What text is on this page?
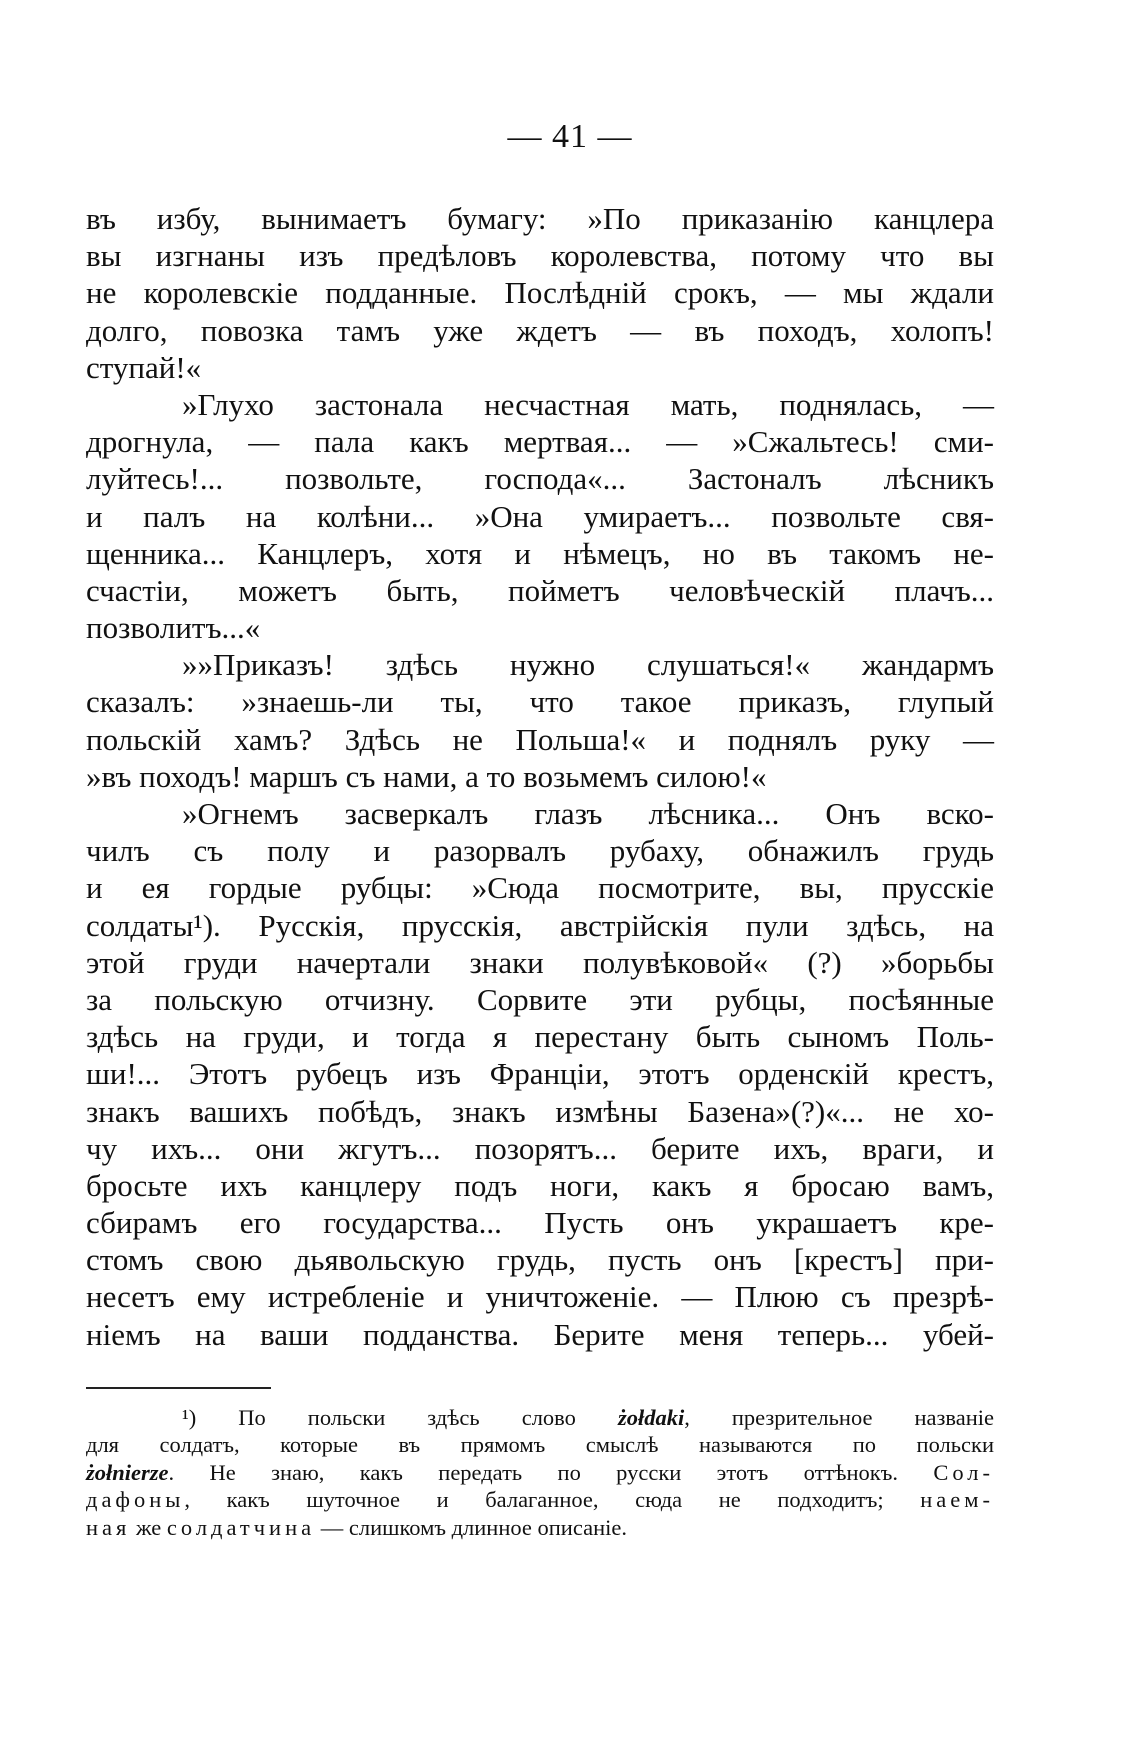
— 41 —
въ избу, вынимаетъ бумагу: »По приказанію канцлера
вы изгнаны изъ предѣловъ королевства, потому что вы
не королевскіе подданные. Послѣдній срокъ, — мы ждали
долго, повозка тамъ уже ждетъ — въ походъ, холопъ!
ступай!«
»Глухо застонала несчастная мать, поднялась, —
дрогнула, — пала какъ мертвая... — »Сжальтесь! сми-
луйтесь!... позвольте, господа«... Застоналъ лѣсникъ
и палъ на колѣни... »Она умираетъ... позвольте свя-
щенника... Канцлеръ, хотя и нѣмецъ, но въ такомъ не-
счастіи, можетъ быть, пойметъ человѣческій плачъ...
позволитъ...«
»»Приказъ! здѣсь нужно слушаться!« жандармъ
сказалъ: »знаешь-ли ты, что такое приказъ, глупый
польскій хамъ? Здѣсь не Польша!« и поднялъ руку —
»въ походъ! маршъ съ нами, а то возьмемъ силою!«
»Огнемъ засверкалъ глазъ лѣсника... Онъ вско-
чилъ съ полу и разорвалъ рубаху, обнажилъ грудь
и ея гордые рубцы: »Сюда посмотрите, вы, прусскіе
солдаты¹). Русскія, прусскія, австрійскія пули здѣсь, на
этой груди начертали знаки полувѣковой« (?) »борьбы
за польскую отчизну. Сорвите эти рубцы, посѣянные
здѣсь на груди, и тогда я перестану быть сыномъ Поль-
ши!... Этотъ рубецъ изъ Франціи, этотъ орденскій крестъ,
знакъ вашихъ побѣдъ, знакъ измѣны Базена»(?)«... не хо-
чу ихъ... они жгутъ... позорятъ... берите ихъ, враги, и
бросьте ихъ канцлеру подъ ноги, какъ я бросаю вамъ,
сбирамъ его государства... Пусть онъ украшаетъ кре-
стомъ свою дьявольскую грудь, пусть онъ [крестъ] при-
несетъ ему истребленіе и уничтоженіе. — Плюю съ презрѣ-
ніемъ на ваши подданства. Берите меня теперь... убей-
¹) По польски здѣсь слово żołdaki, презрительное названіе
для солдатъ, которые въ прямомъ смыслѣ называются по польски
żołnierze. Не знаю, какъ передать по русски этотъ оттѣнокъ. Сол-
дафоны, какъ шуточное и балаганное, сюда не подходитъ; наем-
ная же солдатчина — слишкомъ длинное описаніе.
